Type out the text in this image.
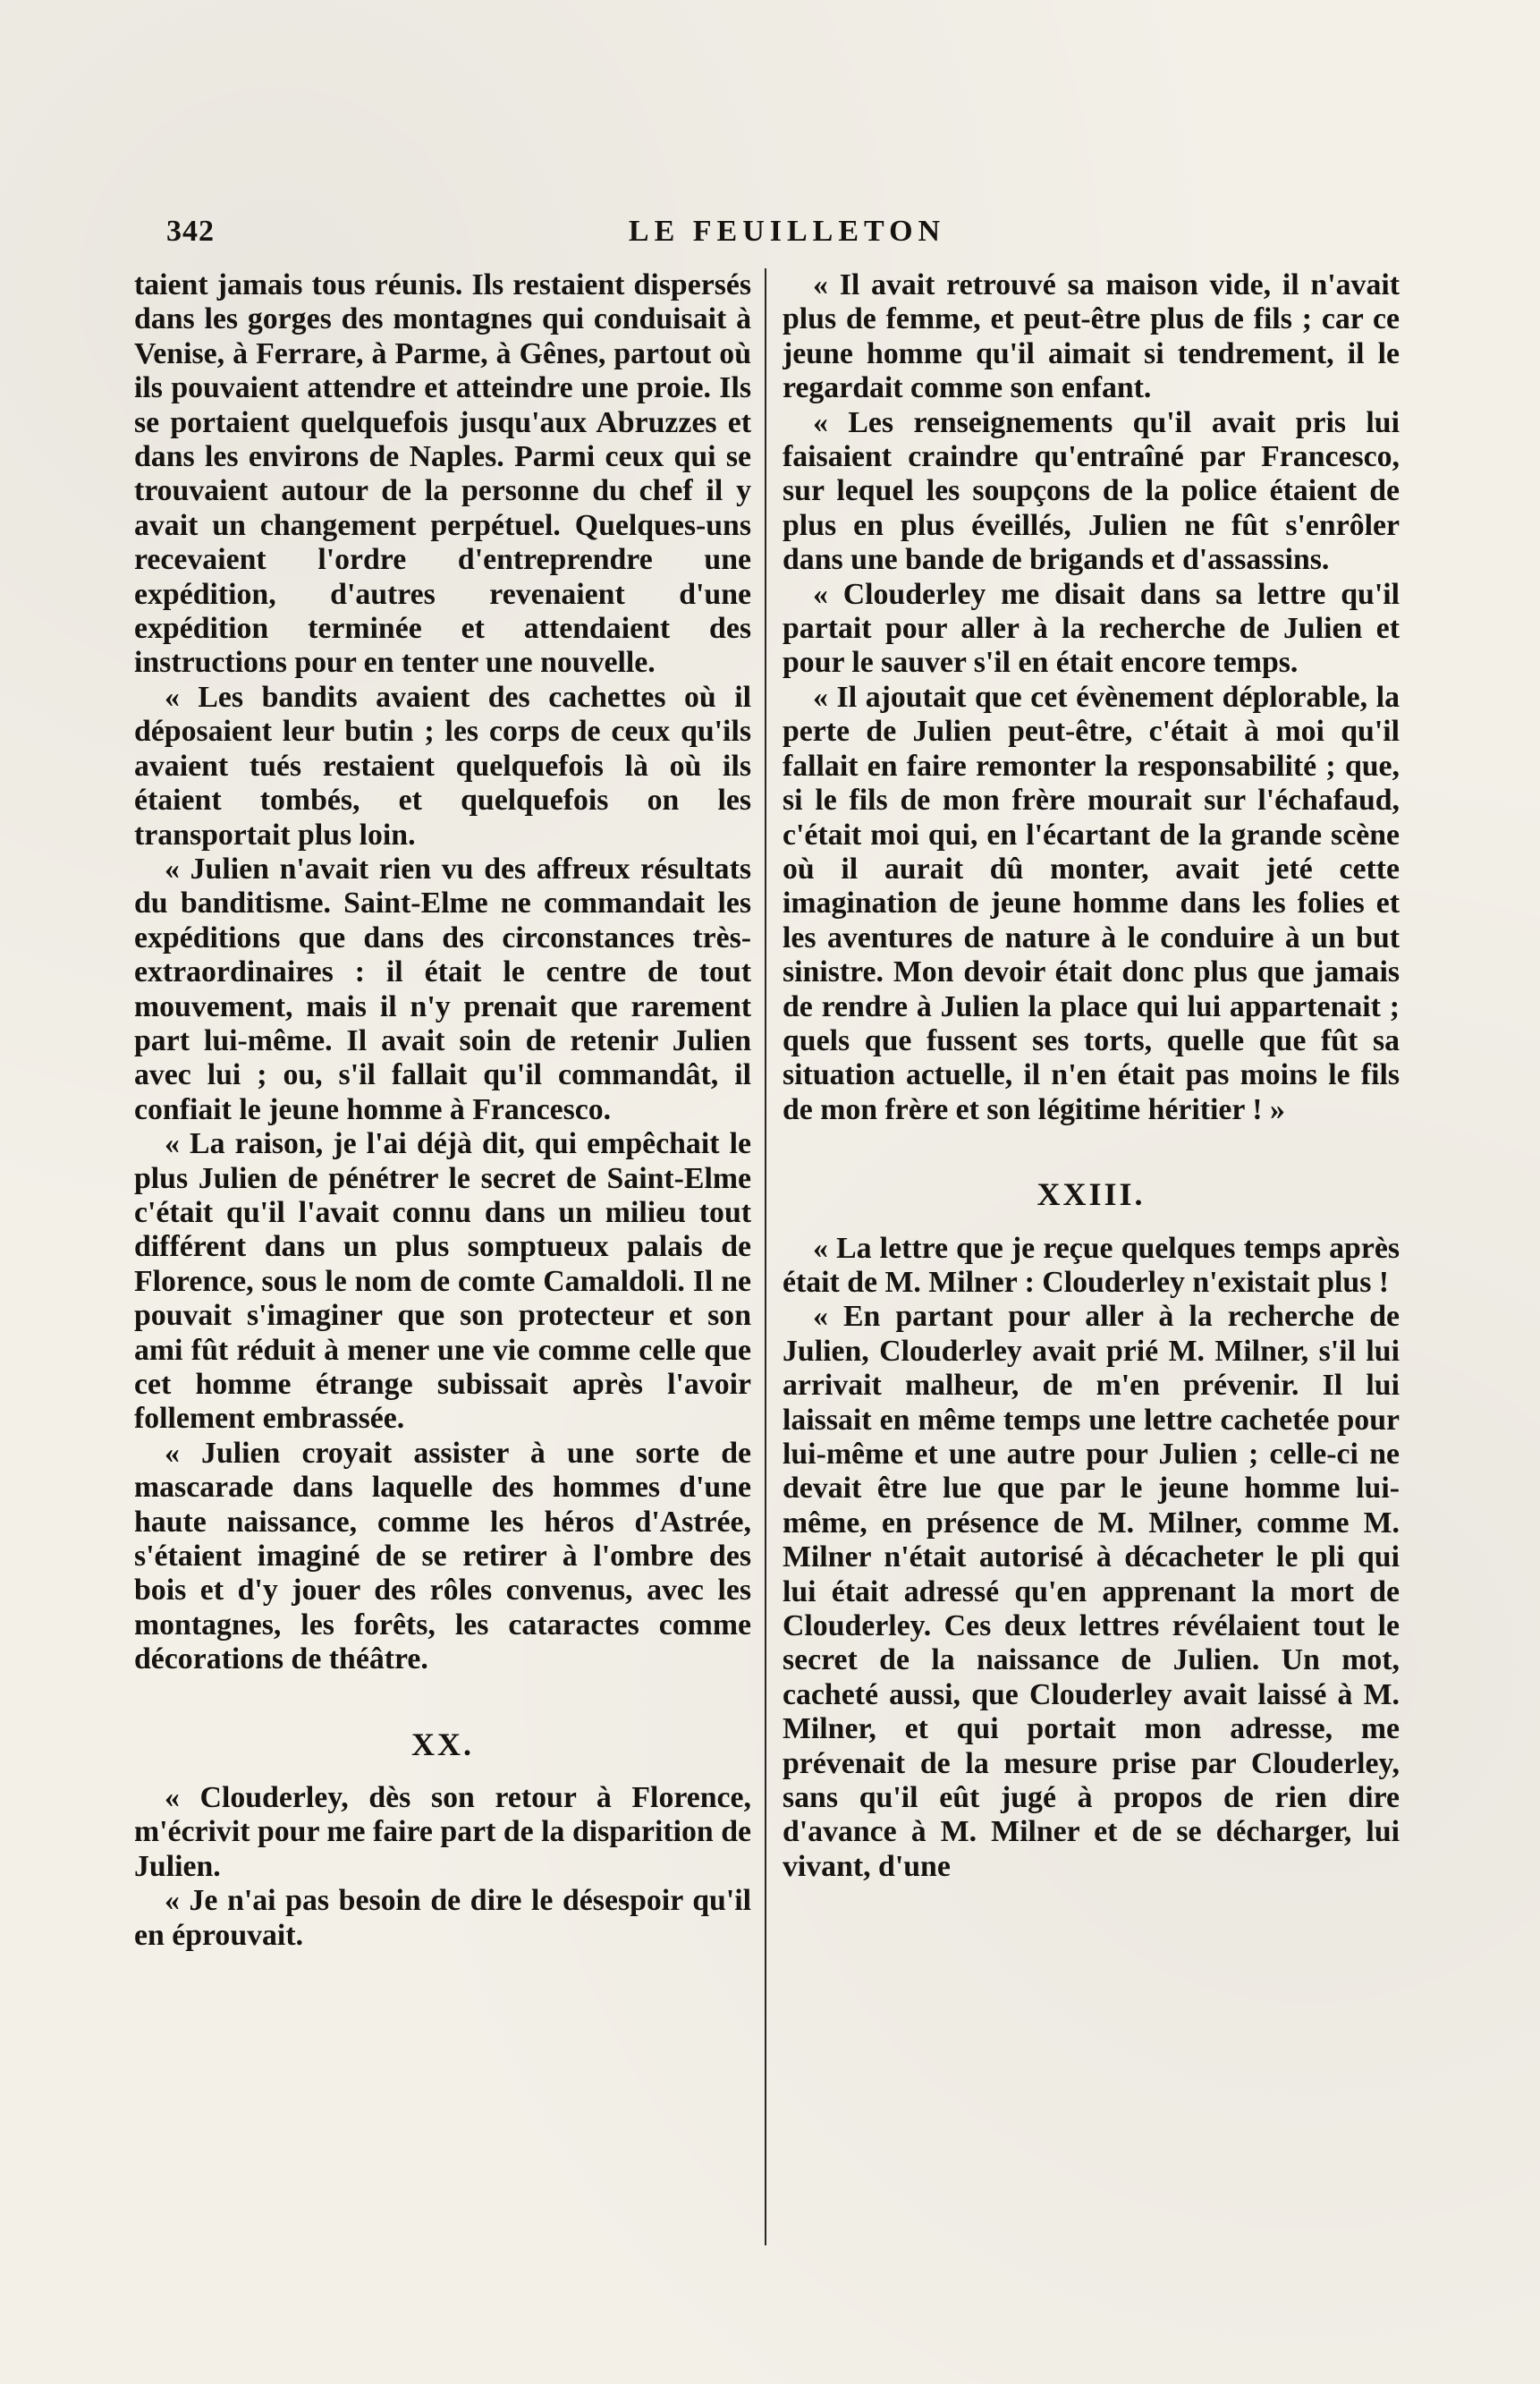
342	LE FEUILLETON

taient jamais tous réunis. Ils restaient dispersés dans les gorges des montagnes qui conduisait à Venise, à Ferrare, à Parme, à Gênes, partout où ils pouvaient attendre et atteindre une proie. Ils se portaient quelquefois jusqu'aux Abruzzes et dans les environs de Naples. Parmi ceux qui se trouvaient autour de la personne du chef il y avait un changement perpétuel. Quelques-uns recevaient l'ordre d'entreprendre une expédition, d'autres revenaient d'une expédition terminée et attendaient des instructions pour en tenter une nouvelle.

« Les bandits avaient des cachettes où il déposaient leur butin ; les corps de ceux qu'ils avaient tués restaient quelquefois là où ils étaient tombés, et quelquefois on les transportait plus loin.

« Julien n'avait rien vu des affreux résultats du banditisme. Saint-Elme ne commandait les expéditions que dans des circonstances très-extraordinaires : il était le centre de tout mouvement, mais il n'y prenait que rarement part lui-même. Il avait soin de retenir Julien avec lui ; ou, s'il fallait qu'il commandât, il confiait le jeune homme à Francesco.

« La raison, je l'ai déjà dit, qui empêchait le plus Julien de pénétrer le secret de Saint-Elme c'était qu'il l'avait connu dans un milieu tout différent dans un plus somptueux palais de Florence, sous le nom de comte Camaldoli. Il ne pouvait s'imaginer que son protecteur et son ami fût réduit à mener une vie comme celle que cet homme étrange subissait après l'avoir follement embrassée.

« Julien croyait assister à une sorte de mascarade dans laquelle des hommes d'une haute naissance, comme les héros d'Astrée, s'étaient imaginé de se retirer à l'ombre des bois et d'y jouer des rôles convenus, avec les montagnes, les forêts, les cataractes comme décorations de théâtre.

XX.

« Clouderley, dès son retour à Florence, m'écrivit pour me faire part de la disparition de Julien.

« Je n'ai pas besoin de dire le désespoir qu'il en éprouvait.

« Il avait retrouvé sa maison vide, il n'avait plus de femme, et peut-être plus de fils ; car ce jeune homme qu'il aimait si tendrement, il le regardait comme son enfant.

« Les renseignements qu'il avait pris lui faisaient craindre qu'entraîné par Francesco, sur lequel les soupçons de la police étaient de plus en plus éveillés, Julien ne fût s'enrôler dans une bande de brigands et d'assassins.

« Clouderley me disait dans sa lettre qu'il partait pour aller à la recherche de Julien et pour le sauver s'il en était encore temps.

« Il ajoutait que cet évènement déplorable, la perte de Julien peut-être, c'était à moi qu'il fallait en faire remonter la responsabilité ; que, si le fils de mon frère mourait sur l'échafaud, c'était moi qui, en l'écartant de la grande scène où il aurait dû monter, avait jeté cette imagination de jeune homme dans les folies et les aventures de nature à le conduire à un but sinistre. Mon devoir était donc plus que jamais de rendre à Julien la place qui lui appartenait ; quels que fussent ses torts, quelle que fût sa situation actuelle, il n'en était pas moins le fils de mon frère et son légitime héritier ! »

XXIII.

« La lettre que je reçue quelques temps après était de M. Milner : Clouderley n'existait plus !

« En partant pour aller à la recherche de Julien, Clouderley avait prié M. Milner, s'il lui arrivait malheur, de m'en prévenir. Il lui laissait en même temps une lettre cachetée pour lui-même et une autre pour Julien ; celle-ci ne devait être lue que par le jeune homme lui-même, en présence de M. Milner, comme M. Milner n'était autorisé à décacheter le pli qui lui était adressé qu'en apprenant la mort de Clouderley. Ces deux lettres révélaient tout le secret de la naissance de Julien. Un mot, cacheté aussi, que Clouderley avait laissé à M. Milner, et qui portait mon adresse, me prévenait de la mesure prise par Clouderley, sans qu'il eût jugé à propos de rien dire d'avance à M. Milner et de se décharger, lui vivant, d'une
